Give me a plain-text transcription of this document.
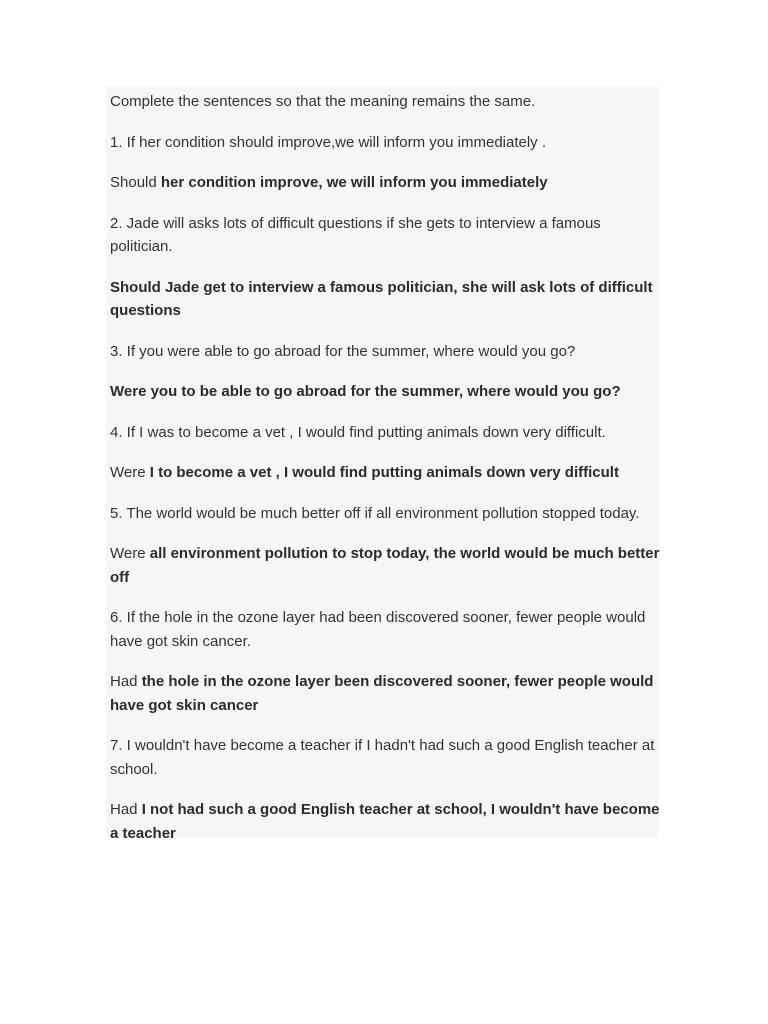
Complete the sentences so that the meaning remains the same.

1. If her condition should improve,we will inform you immediately .

Should her condition improve, we will inform you immediately

2. Jade will asks lots of difficult questions if she gets to interview a famous politician.

Should Jade get to interview a famous politician, she will ask lots of difficult questions

3. If you were able to go abroad for the summer, where would you go?

Were you to be able to go abroad for the summer, where would you go?

4. If I was to become a vet , I would find putting animals down very difficult.

Were I to become a vet , I would find putting animals down very difficult

5. The world would be much better off if all environment pollution stopped today.

Were all environment pollution to stop today, the world would be much better off

6. If the hole in the ozone layer had been discovered sooner, fewer people would have got skin cancer.

Had the hole in the ozone layer been discovered sooner, fewer people would have got skin cancer

7. I wouldn't have become a teacher if I hadn't had such a good English teacher at school.

Had I not had such a good English teacher at school, I wouldn't have become a teacher
